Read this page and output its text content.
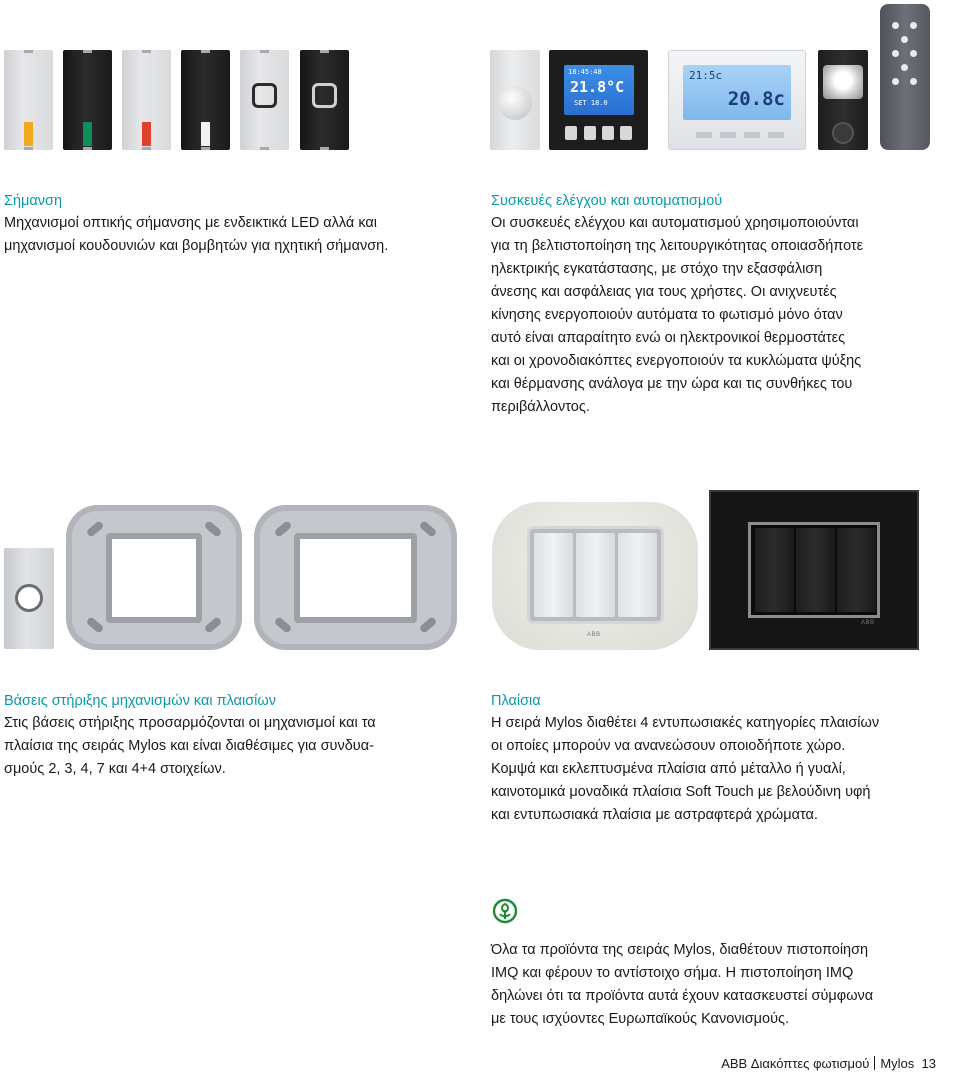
18:45:48
21.8°C
SET 18.0
21:5c
20.8c
Σήμανση

Μηχανισμοί οπτικής σήμανσης με ενδεικτικά LED αλλά και

μηχανισμοί κουδουνιών και βομβητών για ηχητική σήμανση.

Συσκευές ελέγχου και αυτοματισμού

Οι συσκευές ελέγχου και αυτοματισμού χρησιμοποιούνται

για τη βελτιστοποίηση της λειτουργικότητας οποιασδήποτε

ηλεκτρικής εγκατάστασης, με στόχο την εξασφάλιση

άνεσης και ασφάλειας για τους χρήστες. Οι ανιχνευτές

κίνησης ενεργοποιούν αυτόματα το φωτισμό μόνο όταν

αυτό είναι απαραίτητο ενώ οι ηλεκτρονικοί θερμοστάτες

και οι χρονοδιακόπτες ενεργοποιούν τα κυκλώματα ψύξης

και θέρμανσης ανάλογα με την ώρα και τις συνθήκες του

περιβάλλοντος.

ABB
ABB
Βάσεις στήριξης μηχανισμών και πλαισίων

Στις βάσεις στήριξης προσαρμόζονται οι μηχανισμοί και τα

πλαίσια της σειράς Mylos και είναι διαθέσιμες για συνδυα-

σμούς 2, 3, 4, 7 και 4+4 στοιχείων.

Πλαίσια

Η σειρά Mylos διαθέτει 4 εντυπωσιακές κατηγορίες πλαισίων

οι οποίες μπορούν να ανανεώσουν οποιοδήποτε χώρο.

Κομψά και εκλεπτυσμένα πλαίσια από μέταλλο ή γυαλί,

καινοτομικά μοναδικά πλαίσια Soft Touch με βελούδινη υφή

και εντυπωσιακά πλαίσια με αστραφτερά χρώματα.

Όλα τα προϊόντα της σειράς Mylos, διαθέτουν πιστοποίηση

IMQ και φέρουν το αντίστοιχο σήμα. Η πιστοποίηση IMQ

δηλώνει ότι τα προϊόντα αυτά έχουν κατασκευστεί σύμφωνα

με τους ισχύοντες Ευρωπαϊκούς Κανονισμούς.

ABB Διακόπτες φωτισμού Mylos 13
